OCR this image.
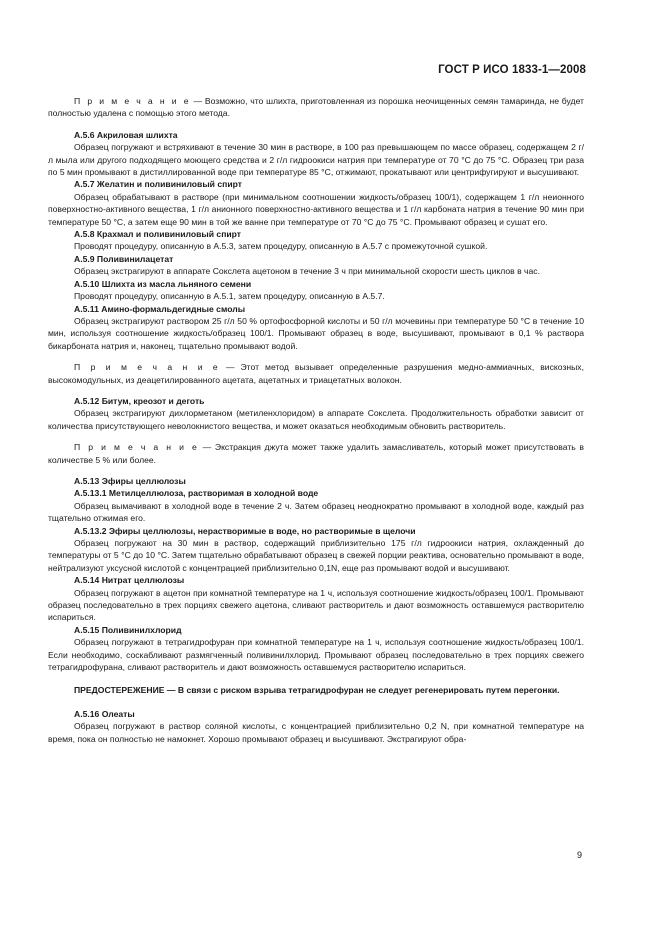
ГОСТ Р ИСО 1833-1—2008

П р и м е ч а н и е — Возможно, что шлихта, приготовленная из порошка неочищенных семян тамаринда, не будет полностью удалена с помощью этого метода.

А.5.6 Акриловая шлихта

Образец погружают и встряхивают в течение 30 мин в растворе, в 100 раз превышающем по массе образец, содержащем 2 г/л мыла или другого подходящего моющего средства и 2 г/л гидроокиси натрия при температуре от 70 °С до 75 °С. Образец три раза по 5 мин промывают в дистиллированной воде при температуре 85 °С, отжимают, прокатывают или центрифугируют и высушивают.

А.5.7 Желатин и поливиниловый спирт

Образец обрабатывают в растворе (при минимальном соотношении жидкость/образец 100/1), содержащем 1 г/л неионного поверхностно-активного вещества, 1 г/л анионного поверхностно-активного вещества и 1 г/л карбоната натрия в течение 90 мин при температуре 50 °С, а затем еще 90 мин в той же ванне при температуре от 70 °С до 75 °С. Промывают образец и сушат его.

А.5.8 Крахмал и поливиниловый спирт

Проводят процедуру, описанную в А.5.3, затем процедуру, описанную в А.5.7 с промежуточной сушкой.

А.5.9 Поливинилацетат

Образец экстрагируют в аппарате Сокслета ацетоном в течение 3 ч при минимальной скорости шесть циклов в час.

А.5.10 Шлихта из масла льняного семени

Проводят процедуру, описанную в А.5.1, затем процедуру, описанную в А.5.7.

А.5.11 Амино-формальдегидные смолы

Образец экстрагируют раствором 25 г/л 50 % ортофосфорной кислоты и 50 г/л мочевины при температуре 50 °С в течение 10 мин, используя соотношение жидкость/образец 100/1. Промывают образец в воде, высушивают, промывают в 0,1 % раствора бикарбоната натрия и, наконец, тщательно промывают водой.

П р и м е ч а н и е — Этот метод вызывает определенные разрушения медно-аммиачных, вискозных, высокомодульных, из деацетилированного ацетата, ацетатных и триацетатных волокон.

А.5.12 Битум, креозот и деготь

Образец экстрагируют дихлорметаном (метиленхлоридом) в аппарате Сокслета. Продолжительность обработки зависит от количества присутствующего неволокнистого вещества, и может оказаться необходимым обновить растворитель.

П р и м е ч а н и е — Экстракция джута может также удалить замасливатель, который может присутствовать в количестве 5 % или более.

А.5.13 Эфиры целлюлозы

А.5.13.1 Метилцеллюлоза, растворимая в холодной воде

Образец вымачивают в холодной воде в течение 2 ч. Затем образец неоднократно промывают в холодной воде, каждый раз тщательно отжимая его.

А.5.13.2 Эфиры целлюлозы, нерастворимые в воде, но растворимые в щелочи

Образец погружают на 30 мин в раствор, содержащий приблизительно 175 г/л гидроокиси натрия, охлажденный до температуры от 5 °С до 10 °С. Затем тщательно обрабатывают образец в свежей порции реактива, основательно промывают в воде, нейтрализуют уксусной кислотой с концентрацией приблизительно 0,1N, еще раз промывают водой и высушивают.

А.5.14 Нитрат целлюлозы

Образец погружают в ацетон при комнатной температуре на 1 ч, используя соотношение жидкость/образец 100/1. Промывают образец последовательно в трех порциях свежего ацетона, сливают растворитель и дают возможность оставшемуся растворителю испариться.

А.5.15 Поливинилхлорид

Образец погружают в тетрагидрофуран при комнатной температуре на 1 ч, используя соотношение жидкость/образец 100/1. Если необходимо, соскабливают размягченный поливинилхлорид. Промывают образец последовательно в трех порциях свежего тетрагидрофурана, сливают растворитель и дают возможность оставшемуся растворителю испариться.

ПРЕДОСТЕРЕЖЕНИЕ — В связи с риском взрыва тетрагидрофуран не следует регенерировать путем перегонки.

А.5.16 Олеаты

Образец погружают в раствор соляной кислоты, с концентрацией приблизительно 0,2 N, при комнатной температуре на время, пока он полностью не намокнет. Хорошо промывают образец и высушивают. Экстрагируют обра-

9
